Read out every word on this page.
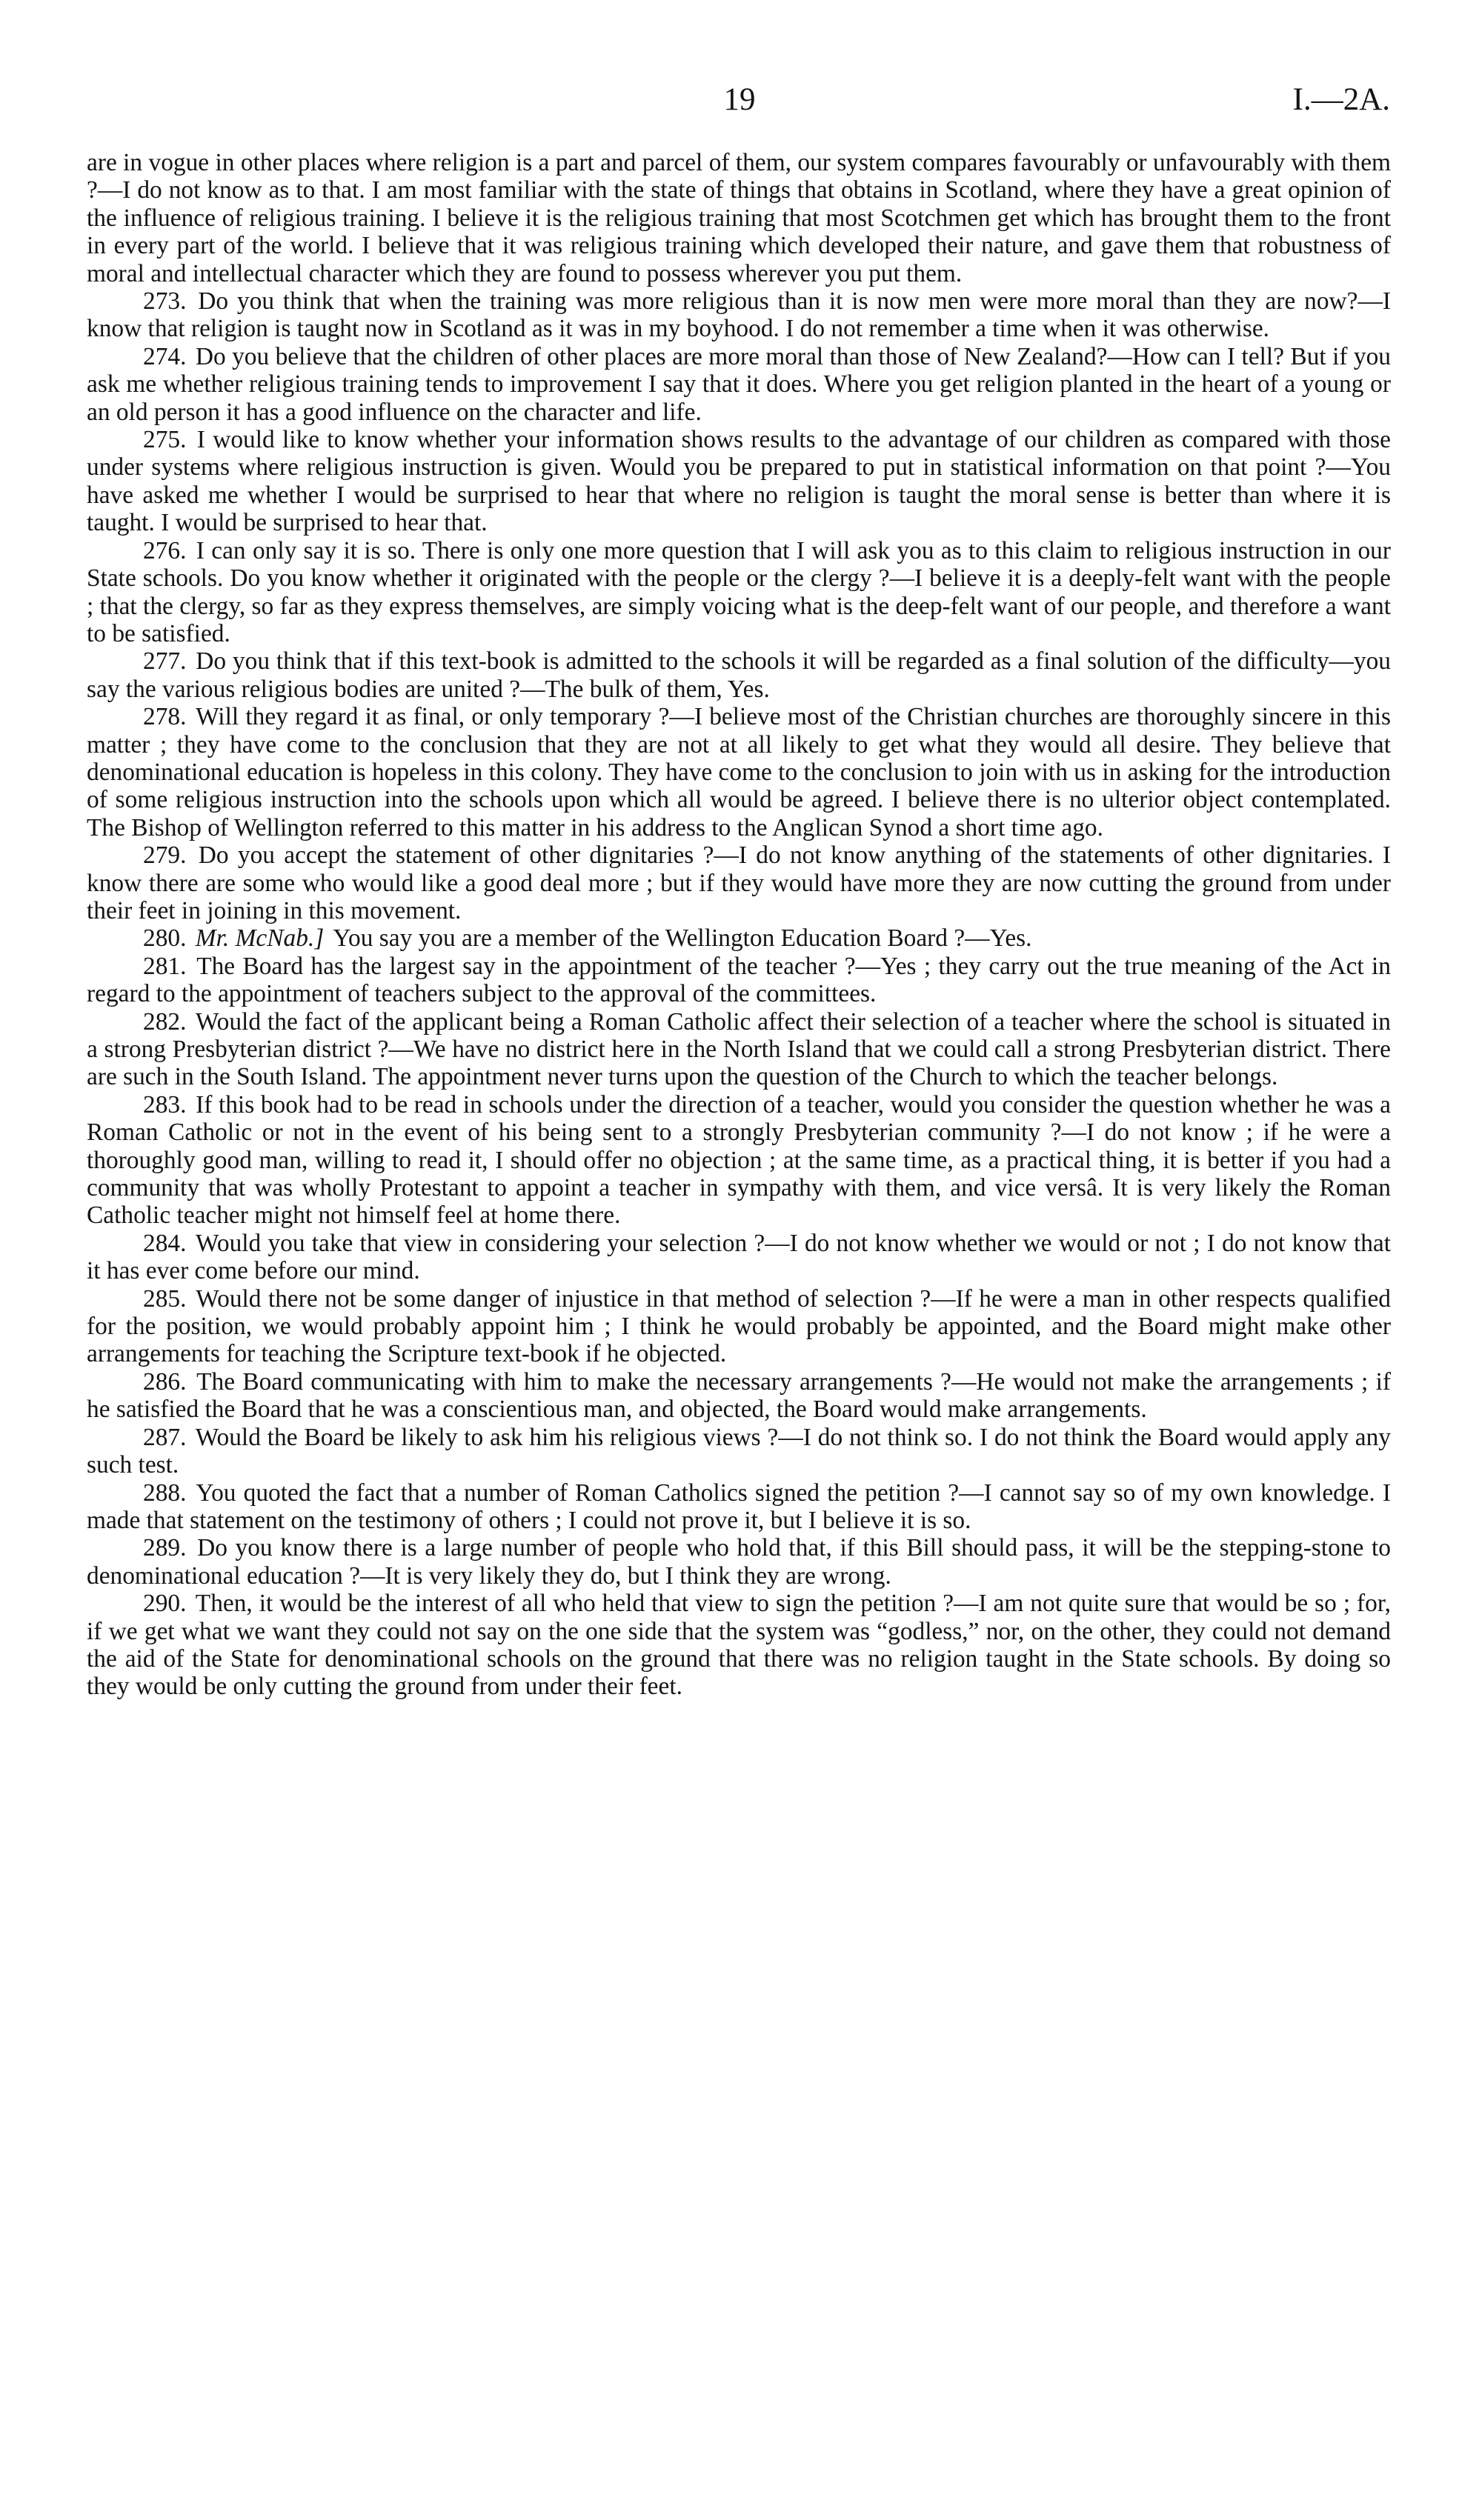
19	I.—2A.

are in vogue in other places where religion is a part and parcel of them, our system compares favourably or unfavourably with them ?—I do not know as to that. I am most familiar with the state of things that obtains in Scotland, where they have a great opinion of the influence of religious training. I believe it is the religious training that most Scotchmen get which has brought them to the front in every part of the world. I believe that it was religious training which developed their nature, and gave them that robustness of moral and intellectual character which they are found to possess wherever you put them.

273. Do you think that when the training was more religious than it is now men were more moral than they are now?—I know that religion is taught now in Scotland as it was in my boyhood. I do not remember a time when it was otherwise.

274. Do you believe that the children of other places are more moral than those of New Zealand?—How can I tell? But if you ask me whether religious training tends to improvement I say that it does. Where you get religion planted in the heart of a young or an old person it has a good influence on the character and life.

275. I would like to know whether your information shows results to the advantage of our children as compared with those under systems where religious instruction is given. Would you be prepared to put in statistical information on that point ?—You have asked me whether I would be surprised to hear that where no religion is taught the moral sense is better than where it is taught. I would be surprised to hear that.

276. I can only say it is so. There is only one more question that I will ask you as to this claim to religious instruction in our State schools. Do you know whether it originated with the people or the clergy ?—I believe it is a deeply-felt want with the people ; that the clergy, so far as they express themselves, are simply voicing what is the deep-felt want of our people, and therefore a want to be satisfied.

277. Do you think that if this text-book is admitted to the schools it will be regarded as a final solution of the difficulty—you say the various religious bodies are united ?—The bulk of them, Yes.

278. Will they regard it as final, or only temporary ?—I believe most of the Christian churches are thoroughly sincere in this matter ; they have come to the conclusion that they are not at all likely to get what they would all desire. They believe that denominational education is hopeless in this colony. They have come to the conclusion to join with us in asking for the introduction of some religious instruction into the schools upon which all would be agreed. I believe there is no ulterior object contemplated. The Bishop of Wellington referred to this matter in his address to the Anglican Synod a short time ago.

279. Do you accept the statement of other dignitaries ?—I do not know anything of the statements of other dignitaries. I know there are some who would like a good deal more ; but if they would have more they are now cutting the ground from under their feet in joining in this movement.

280. Mr. McNab.] You say you are a member of the Wellington Education Board ?—Yes.

281. The Board has the largest say in the appointment of the teacher ?—Yes ; they carry out the true meaning of the Act in regard to the appointment of teachers subject to the approval of the committees.

282. Would the fact of the applicant being a Roman Catholic affect their selection of a teacher where the school is situated in a strong Presbyterian district ?—We have no district here in the North Island that we could call a strong Presbyterian district. There are such in the South Island. The appointment never turns upon the question of the Church to which the teacher belongs.

283. If this book had to be read in schools under the direction of a teacher, would you consider the question whether he was a Roman Catholic or not in the event of his being sent to a strongly Presbyterian community ?—I do not know ; if he were a thoroughly good man, willing to read it, I should offer no objection ; at the same time, as a practical thing, it is better if you had a community that was wholly Protestant to appoint a teacher in sympathy with them, and vice versâ. It is very likely the Roman Catholic teacher might not himself feel at home there.

284. Would you take that view in considering your selection ?—I do not know whether we would or not ; I do not know that it has ever come before our mind.

285. Would there not be some danger of injustice in that method of selection ?—If he were a man in other respects qualified for the position, we would probably appoint him ; I think he would probably be appointed, and the Board might make other arrangements for teaching the Scripture text-book if he objected.

286. The Board communicating with him to make the necessary arrangements ?—He would not make the arrangements ; if he satisfied the Board that he was a conscientious man, and objected, the Board would make arrangements.

287. Would the Board be likely to ask him his religious views ?—I do not think so. I do not think the Board would apply any such test.

288. You quoted the fact that a number of Roman Catholics signed the petition ?—I cannot say so of my own knowledge. I made that statement on the testimony of others ; I could not prove it, but I believe it is so.

289. Do you know there is a large number of people who hold that, if this Bill should pass, it will be the stepping-stone to denominational education ?—It is very likely they do, but I think they are wrong.

290. Then, it would be the interest of all who held that view to sign the petition ?—I am not quite sure that would be so ; for, if we get what we want they could not say on the one side that the system was “godless,” nor, on the other, they could not demand the aid of the State for denominational schools on the ground that there was no religion taught in the State schools. By doing so they would be only cutting the ground from under their feet.
